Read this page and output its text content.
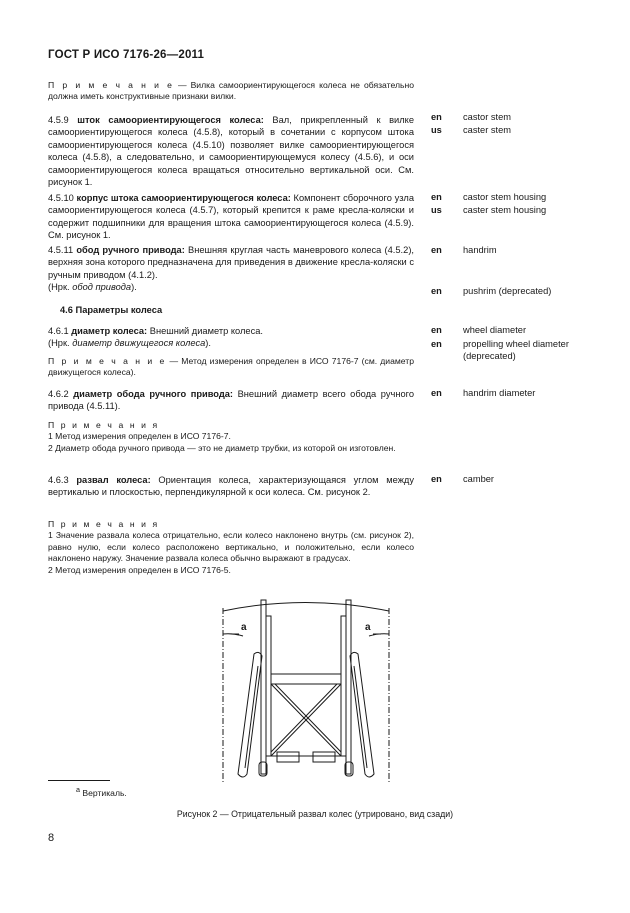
ГОСТ Р ИСО 7176-26—2011

П р и м е ч а н и е — Вилка самоориентирующегося колеса не обязательно должна иметь конструктивные признаки вилки.

4.5.9 шток самоориентирующегося колеса: Вал, прикрепленный к вилке самоориентирующегося колеса (4.5.8), который в сочетании с корпусом штока самоориентирующегося колеса (4.5.10) позволяет вилке самоориентирующегося колеса (4.5.8), а следовательно, и самоориентирующемуся колесу (4.5.6), и оси самоориентирующегося колеса вращаться относительно вертикальной оси. См. рисунок 1.

4.5.10 корпус штока самоориентирующегося колеса: Компонент сборочного узла самоориентирующегося колеса (4.5.7), который крепится к раме кресла-коляски и содержит подшипники для вращения штока самоориентирующегося колеса (4.5.9). См. рисунок 1.

4.5.11 обод ручного привода: Внешняя круглая часть маневрового колеса (4.5.2), верхняя зона которого предназначена для приведения в движение кресла-коляски с ручным приводом (4.1.2).

(Нрк. обод привода).

4.6 Параметры колеса

4.6.1 диаметр колеса: Внешний диаметр колеса.

(Нрк. диаметр движущегося колеса).

П р и м е ч а н и е — Метод измерения определен в ИСО 7176-7 (см. диаметр движущегося колеса).

4.6.2 диаметр обода ручного привода: Внешний диаметр всего обода ручного привода (4.5.11).

П р и м е ч а н и я

1 Метод измерения определен в ИСО 7176-7.

2 Диаметр обода ручного привода — это не диаметр трубки, из которой он изготовлен.

4.6.3 развал колеса: Ориентация колеса, характеризующаяся углом между вертикалью и плоскостью, перпендикулярной к оси колеса. См. рисунок 2.

П р и м е ч а н и я

1 Значение развала колеса отрицательно, если колесо наклонено внутрь (см. рисунок 2), равно нулю, если колесо расположено вертикально, и положительно, если колесо наклонено наружу. Значение развала колеса обычно выражают в градусах.

2 Метод измерения определен в ИСО 7176-5.

en	castor stem
us	caster stem
en	castor stem housing
us	caster stem housing
en	handrim
en	pushrim (deprecated)
en	wheel diameter
en	propelling wheel diameter
(deprecated)
en	handrim diameter
en	camber
a	a
$^a$ Вертикаль.
Рисунок 2 — Отрицательный развал колес (утрировано, вид сзади)
8
